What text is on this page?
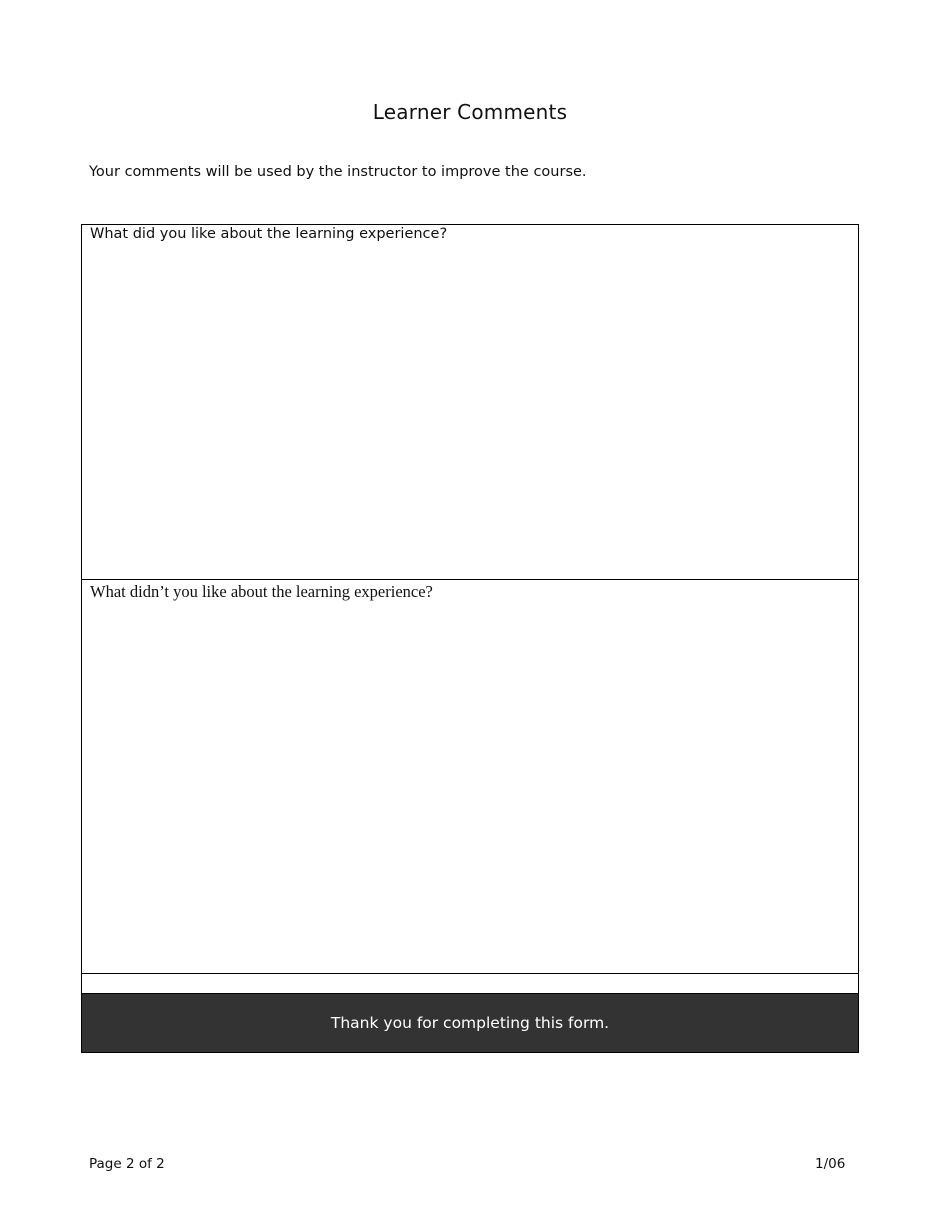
Learner Comments
Your comments will be used by the instructor to improve the course.
What did you like about the learning experience?
What didn’t you like about the learning experience?
Thank you for completing this form.
Page 2 of 2	1/06
